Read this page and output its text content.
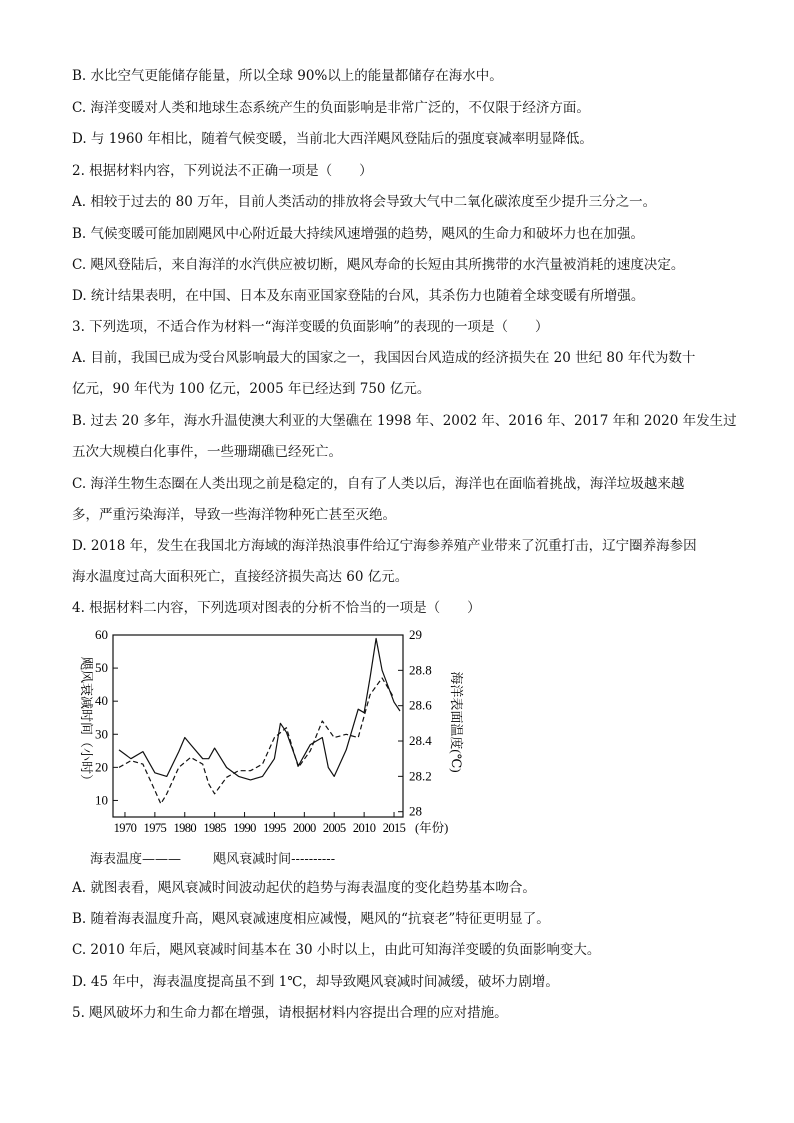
B. 水比空气更能储存能量，所以全球 90%以上的能量都储存在海水中。
C. 海洋变暖对人类和地球生态系统产生的负面影响是非常广泛的，不仅限于经济方面。
D. 与 1960 年相比，随着气候变暖，当前北大西洋飓风登陆后的强度衰减率明显降低。
2. 根据材料内容，下列说法不正确一项是（　　）
A. 相较于过去的 80 万年，目前人类活动的排放将会导致大气中二氧化碳浓度至少提升三分之一。
B. 气候变暖可能加剧飓风中心附近最大持续风速增强的趋势，飓风的生命力和破坏力也在加强。
C. 飓风登陆后，来自海洋的水汽供应被切断，飓风寿命的长短由其所携带的水汽量被消耗的速度决定。
D. 统计结果表明，在中国、日本及东南亚国家登陆的台风，其杀伤力也随着全球变暖有所增强。
3. 下列选项，不适合作为材料一“海洋变暖的负面影响”的表现的一项是（　　）
A. 目前，我国已成为受台风影响最大的国家之一，我国因台风造成的经济损失在 20 世纪 80 年代为数十
亿元，90 年代为 100 亿元，2005 年已经达到 750 亿元。
B. 过去 20 多年，海水升温使澳大利亚的大堡礁在 1998 年、2002 年、2016 年、2017 年和 2020 年发生过
五次大规模白化事件，一些珊瑚礁已经死亡。
C. 海洋生物生态圈在人类出现之前是稳定的，自有了人类以后，海洋也在面临着挑战，海洋垃圾越来越
多，严重污染海洋，导致一些海洋物种死亡甚至灭绝。
D. 2018 年，发生在我国北方海域的海洋热浪事件给辽宁海参养殖产业带来了沉重打击，辽宁圈养海参因
海水温度过高大面积死亡，直接经济损失高达 60 亿元。
4. 根据材料二内容，下列选项对图表的分析不恰当的一项是（　　）
10
20
30
40
50
60
28
28.2
28.4
28.6
28.8
29
1970 1975 1980 1985 1990 1995 2000 2005 2010 2015
飓风衰减时间（小时）	海洋表面温度(℃)
(年份)
海表温度——— 飓风衰减时间----------
A. 就图表看，飓风衰减时间波动起伏的趋势与海表温度的变化趋势基本吻合。
B. 随着海表温度升高，飓风衰减速度相应减慢，飓风的“抗衰老”特征更明显了。
C. 2010 年后，飓风衰减时间基本在 30 小时以上，由此可知海洋变暖的负面影响变大。
D. 45 年中，海表温度提高虽不到 1℃，却导致飓风衰减时间减缓，破坏力剧增。
5. 飓风破坏力和生命力都在增强，请根据材料内容提出合理的应对措施。
